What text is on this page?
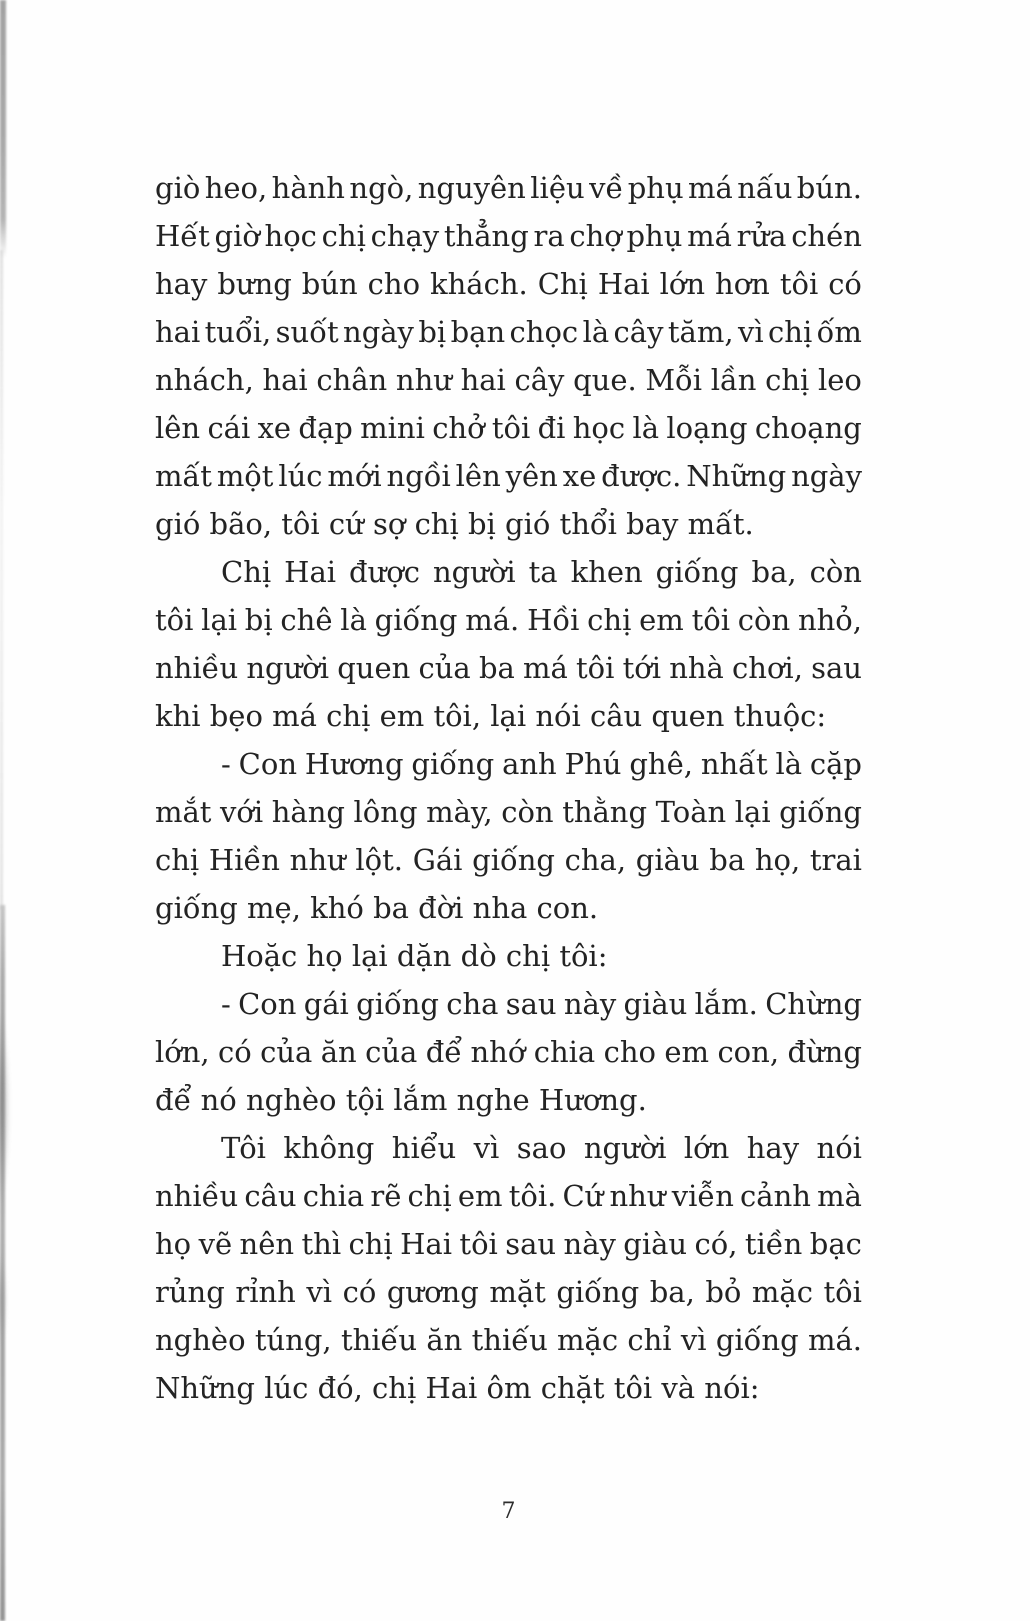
giò heo, hành ngò, nguyên liệu về phụ má nấu bún.
Hết giờ học chị chạy thẳng ra chợ phụ má rửa chén
hay bưng bún cho khách. Chị Hai lớn hơn tôi có
hai tuổi, suốt ngày bị bạn chọc là cây tăm, vì chị ốm
nhách, hai chân như hai cây que. Mỗi lần chị leo
lên cái xe đạp mini chở tôi đi học là loạng choạng
mất một lúc mới ngồi lên yên xe được. Những ngày
gió bão, tôi cứ sợ chị bị gió thổi bay mất.
Chị Hai được người ta khen giống ba, còn
tôi lại bị chê là giống má. Hồi chị em tôi còn nhỏ,
nhiều người quen của ba má tôi tới nhà chơi, sau
khi bẹo má chị em tôi, lại nói câu quen thuộc:
- Con Hương giống anh Phú ghê, nhất là cặp
mắt với hàng lông mày, còn thằng Toàn lại giống
chị Hiền như lột. Gái giống cha, giàu ba họ, trai
giống mẹ, khó ba đời nha con.
Hoặc họ lại dặn dò chị tôi:
- Con gái giống cha sau này giàu lắm. Chừng
lớn, có của ăn của để nhớ chia cho em con, đừng
để nó nghèo tội lắm nghe Hương.
Tôi không hiểu vì sao người lớn hay nói
nhiều câu chia rẽ chị em tôi. Cứ như viễn cảnh mà
họ vẽ nên thì chị Hai tôi sau này giàu có, tiền bạc
rủng rỉnh vì có gương mặt giống ba, bỏ mặc tôi
nghèo túng, thiếu ăn thiếu mặc chỉ vì giống má.
Những lúc đó, chị Hai ôm chặt tôi và nói:
7
